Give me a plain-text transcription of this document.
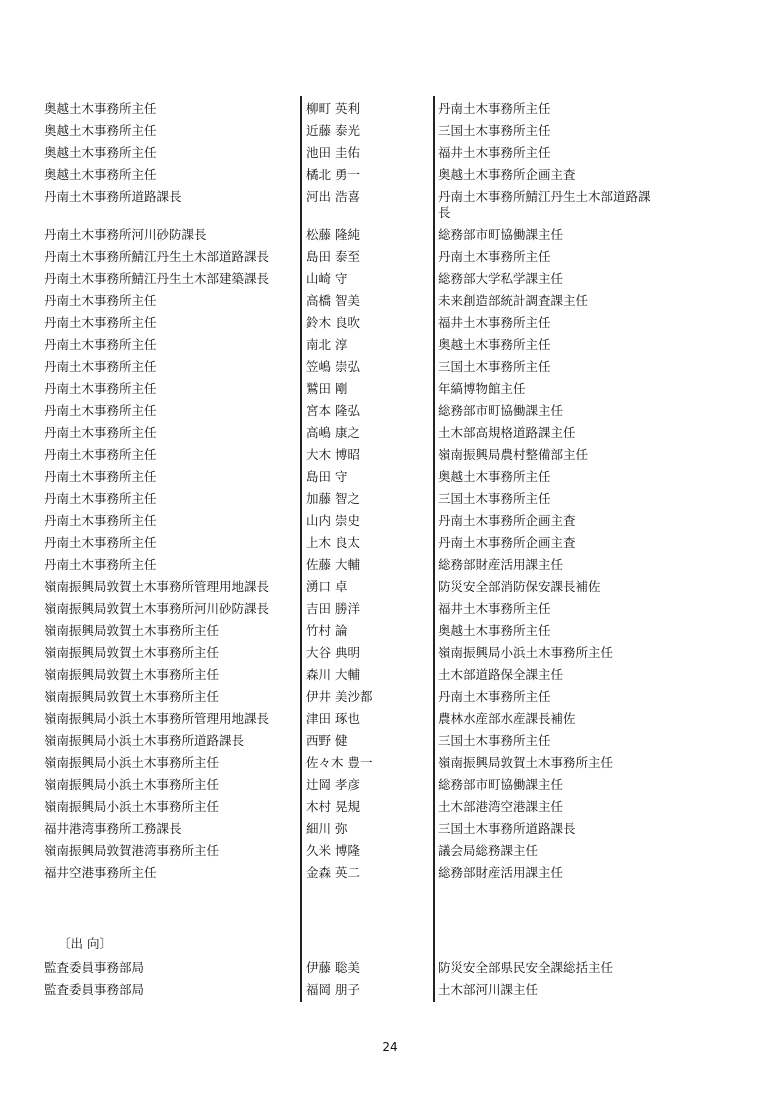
奥越土木事務所主任	柳町 英利	丹南土木事務所主任
奥越土木事務所主任	近藤 泰光	三国土木事務所主任
奥越土木事務所主任	池田 圭佑	福井土木事務所主任
奥越土木事務所主任	橘北 勇一	奥越土木事務所企画主査
丹南土木事務所道路課長	河出 浩喜	丹南土木事務所鯖江丹生土木部道路課長
丹南土木事務所河川砂防課長	松藤 隆純	総務部市町協働課主任
丹南土木事務所鯖江丹生土木部道路課長	島田 泰至	丹南土木事務所主任
丹南土木事務所鯖江丹生土木部建築課長	山崎 守	総務部大学私学課主任
丹南土木事務所主任	高橋 智美	未来創造部統計調査課主任
丹南土木事務所主任	鈴木 良吹	福井土木事務所主任
丹南土木事務所主任	南北 淳	奥越土木事務所主任
丹南土木事務所主任	笠嶋 崇弘	三国土木事務所主任
丹南土木事務所主任	鷲田 剛	年縞博物館主任
丹南土木事務所主任	宮本 隆弘	総務部市町協働課主任
丹南土木事務所主任	高嶋 康之	土木部高規格道路課主任
丹南土木事務所主任	大木 博昭	嶺南振興局農村整備部主任
丹南土木事務所主任	島田 守	奥越土木事務所主任
丹南土木事務所主任	加藤 智之	三国土木事務所主任
丹南土木事務所主任	山内 崇史	丹南土木事務所企画主査
丹南土木事務所主任	上木 良太	丹南土木事務所企画主査
丹南土木事務所主任	佐藤 大輔	総務部財産活用課主任
嶺南振興局敦賀土木事務所管理用地課長	湧口 卓	防災安全部消防保安課長補佐
嶺南振興局敦賀土木事務所河川砂防課長	吉田 勝洋	福井土木事務所主任
嶺南振興局敦賀土木事務所主任	竹村 論	奥越土木事務所主任
嶺南振興局敦賀土木事務所主任	大谷 典明	嶺南振興局小浜土木事務所主任
嶺南振興局敦賀土木事務所主任	森川 大輔	土木部道路保全課主任
嶺南振興局敦賀土木事務所主任	伊井 美沙都	丹南土木事務所主任
嶺南振興局小浜土木事務所管理用地課長	津田 琢也	農林水産部水産課長補佐
嶺南振興局小浜土木事務所道路課長	西野 健	三国土木事務所主任
嶺南振興局小浜土木事務所主任	佐々木 豊一	嶺南振興局敦賀土木事務所主任
嶺南振興局小浜土木事務所主任	辻岡 孝彦	総務部市町協働課主任
嶺南振興局小浜土木事務所主任	木村 晃規	土木部港湾空港課主任
福井港湾事務所工務課長	細川 弥	三国土木事務所道路課長
嶺南振興局敦賀港湾事務所主任	久米 博隆	議会局総務課主任
福井空港事務所主任	金森 英二	総務部財産活用課主任
〔出 向〕
監査委員事務部局	伊藤 聡美	防災安全部県民安全課総括主任
監査委員事務部局	福岡 朋子	土木部河川課主任
24
